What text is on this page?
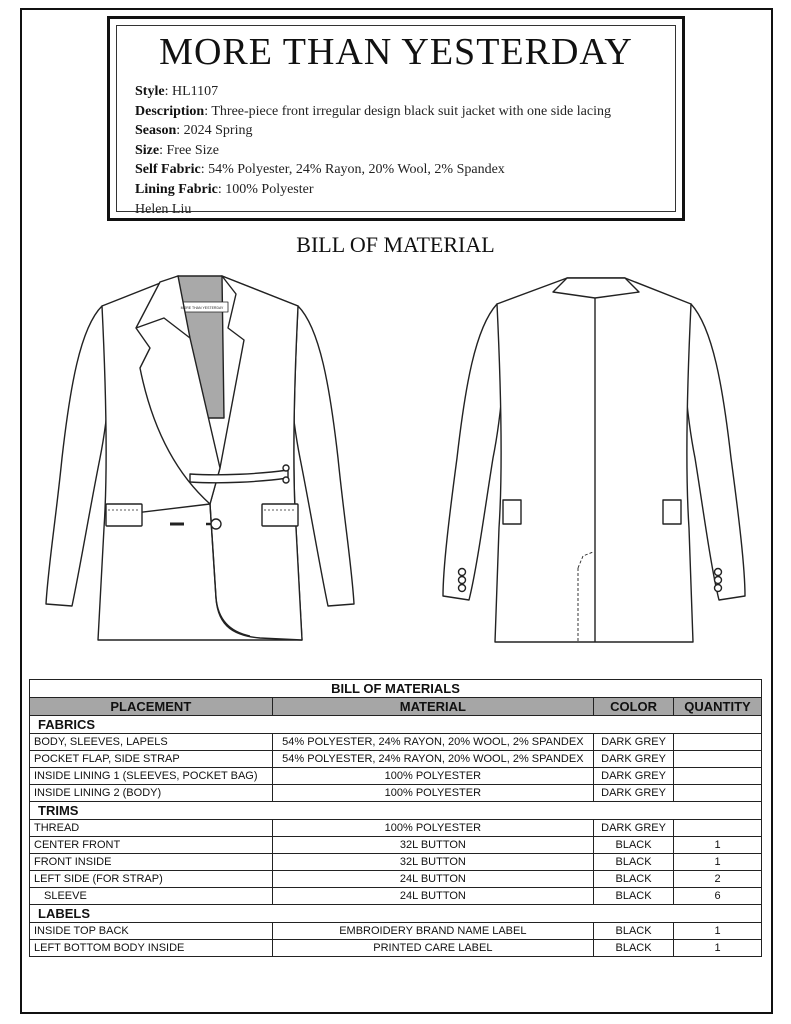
MORE THAN YESTERDAY
Style: HL1107
Description: Three-piece front irregular design black suit jacket with one side lacing
Season: 2024 Spring
Size: Free Size
Self Fabric: 54% Polyester, 24% Rayon, 20% Wool, 2% Spandex
Lining Fabric: 100% Polyester
Helen Liu
BILL OF MATERIAL
MORE THAN YESTERDAY
BILL OF MATERIALS			
PLACEMENT	MATERIAL	COLOR	QUANTITY
FABRICS			
BODY, SLEEVES, LAPELS	54% POLYESTER, 24% RAYON, 20% WOOL, 2% SPANDEX	DARK GREY	
POCKET FLAP, SIDE STRAP	54% POLYESTER, 24% RAYON, 20% WOOL, 2% SPANDEX	DARK GREY	
INSIDE LINING 1 (SLEEVES, POCKET BAG)	100% POLYESTER	DARK GREY	
INSIDE LINING 2 (BODY)	100% POLYESTER	DARK GREY	
TRIMS			
THREAD	100% POLYESTER	DARK GREY	
CENTER FRONT	32L BUTTON	BLACK	1
FRONT INSIDE	32L BUTTON	BLACK	1
LEFT SIDE (FOR STRAP)	24L BUTTON	BLACK	2
SLEEVE	24L BUTTON	BLACK	6
LABELS			
INSIDE TOP BACK	EMBROIDERY BRAND NAME LABEL	BLACK	1
LEFT BOTTOM BODY INSIDE	PRINTED CARE LABEL	BLACK	1
